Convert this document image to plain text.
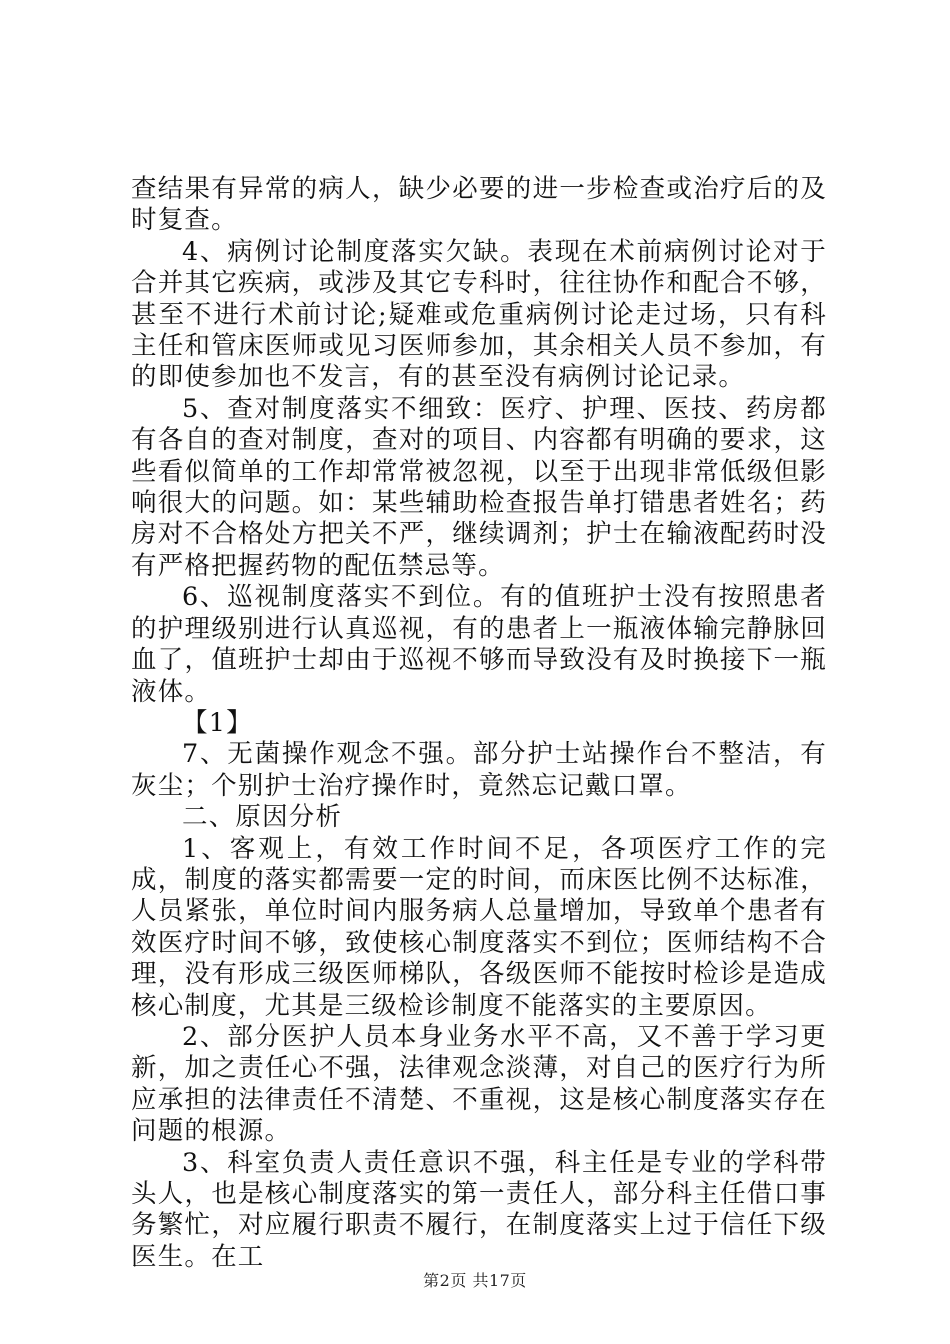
查结果有异常的病人，缺少必要的进一步检查或治疗后的及时复查。

4、病例讨论制度落实欠缺。表现在术前病例讨论对于合并其它疾病，或涉及其它专科时，往往协作和配合不够，甚至不进行术前讨论;疑难或危重病例讨论走过场，只有科主任和管床医师或见习医师参加，其余相关人员不参加，有的即使参加也不发言，有的甚至没有病例讨论记录。

5、查对制度落实不细致：医疗、护理、医技、药房都有各自的查对制度，查对的项目、内容都有明确的要求，这些看似简单的工作却常常被忽视，以至于出现非常低级但影响很大的问题。如：某些辅助检查报告单打错患者姓名；药房对不合格处方把关不严，继续调剂；护士在输液配药时没有严格把握药物的配伍禁忌等。

6、巡视制度落实不到位。有的值班护士没有按照患者的护理级别进行认真巡视，有的患者上一瓶液体输完静脉回血了，值班护士却由于巡视不够而导致没有及时换接下一瓶液体。

【1】

7、无菌操作观念不强。部分护士站操作台不整洁，有灰尘；个别护士治疗操作时，竟然忘记戴口罩。

二、原因分析

1、客观上，有效工作时间不足，各项医疗工作的完成，制度的落实都需要一定的时间，而床医比例不达标准，人员紧张，单位时间内服务病人总量增加，导致单个患者有效医疗时间不够，致使核心制度落实不到位；医师结构不合理，没有形成三级医师梯队，各级医师不能按时检诊是造成核心制度，尤其是三级检诊制度不能落实的主要原因。

2、部分医护人员本身业务水平不高，又不善于学习更新，加之责任心不强，法律观念淡薄，对自己的医疗行为所应承担的法律责任不清楚、不重视，这是核心制度落实存在问题的根源。

3、科室负责人责任意识不强，科主任是专业的学科带头人，也是核心制度落实的第一责任人，部分科主任借口事务繁忙，对应履行职责不履行，在制度落实上过于信任下级医生。在工

第2页 共17页
